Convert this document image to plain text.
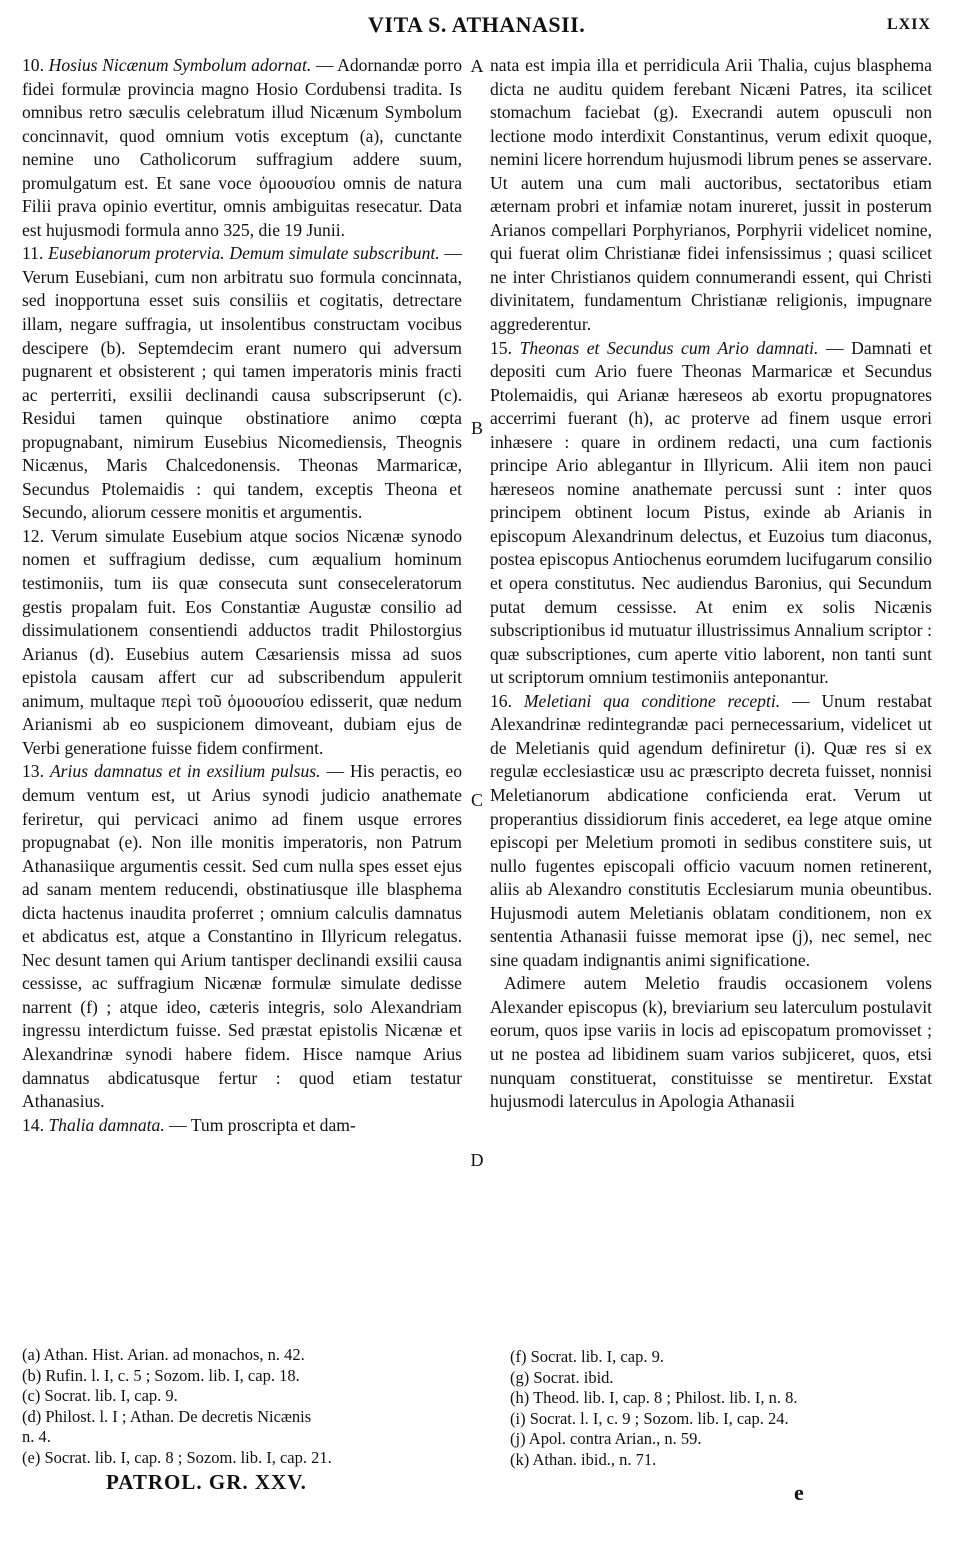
VITA S. ATHANASII.	LXIX

10. Hosius Nicænum Symbolum adornat. — Adornandæ porro fidei formulæ provincia magno Hosio Cordubensi tradita. Is omnibus retro sæculis celebratum illud Nicænum Symbolum concinnavit, quod omnium votis exceptum (a), cunctante nemine uno Catholicorum suffragium addere suum, promulgatum est. Et sane voce ὁμοουσίου omnis de natura Filii prava opinio evertitur, omnis ambiguitas resecatur. Data est hujusmodi formula anno 325, die 19 Junii.

11. Eusebianorum protervia. Demum simulate subscribunt. — Verum Eusebiani, cum non arbitratu suo formula concinnata, sed inopportuna esset suis consiliis et cogitatis, detrectare illam, negare suffragia, ut insolentibus constructam vocibus descipere (b). Septemdecim erant numero qui adversum pugnarent et obsisterent ; qui tamen imperatoris minis fracti ac perterriti, exsilii declinandi causa subscripserunt (c). Residui tamen quinque obstinatiore animo cœpta propugnabant, nimirum Eusebius Nicomediensis, Theognis Nicænus, Maris Chalcedonensis. Theonas Marmaricæ, Secundus Ptolemaidis : qui tandem, exceptis Theona et Secundo, aliorum cessere monitis et argumentis.

12. Verum simulate Eusebium atque socios Nicænæ synodo nomen et suffragium dedisse, cum æqualium hominum testimoniis, tum iis quæ consecuta sunt conseceleratorum gestis propalam fuit. Eos Constantiæ Augustæ consilio ad dissimulationem consentiendi adductos tradit Philostorgius Arianus (d). Eusebius autem Cæsariensis missa ad suos epistola causam affert cur ad subscribendum appulerit animum, multaque περὶ τοῦ ὁμοουσίου edisserit, quæ nedum Arianismi ab eo suspicionem dimoveant, dubiam ejus de Verbi generatione fuisse fidem confirment.

13. Arius damnatus et in exsilium pulsus. — His peractis, eo demum ventum est, ut Arius synodi judicio anathemate feriretur, qui pervicaci animo ad finem usque errores propugnabat (e). Non ille monitis imperatoris, non Patrum Athanasiique argumentis cessit. Sed cum nulla spes esset ejus ad sanam mentem reducendi, obstinatiusque ille blasphema dicta hactenus inaudita proferret ; omnium calculis damnatus et abdicatus est, atque a Constantino in Illyricum relegatus. Nec desunt tamen qui Arium tantisper declinandi exsilii causa cessisse, ac suffragium Nicænæ formulæ simulate dedisse narrent (f) ; atque ideo, cæteris integris, solo Alexandriam ingressu interdictum fuisse. Sed præstat epistolis Nicænæ et Alexandrinæ synodi habere fidem. Hisce namque Arius damnatus abdicatusque fertur : quod etiam testatur Athanasius.

14. Thalia damnata. — Tum proscripta et dam-

A
B
C
D

nata est impia illa et perridicula Arii Thalia, cujus blasphema dicta ne auditu quidem ferebant Nicæni Patres, ita scilicet stomachum faciebat (g). Execrandi autem opusculi non lectione modo interdixit Constantinus, verum edixit quoque, nemini licere horrendum hujusmodi librum penes se asservare. Ut autem una cum mali auctoribus, sectatoribus etiam æternam probri et infamiæ notam inureret, jussit in posterum Arianos compellari Porphyrianos, Porphyrii videlicet nomine, qui fuerat olim Christianæ fidei infensissimus ; quasi scilicet ne inter Christianos quidem connumerandi essent, qui Christi divinitatem, fundamentum Christianæ religionis, impugnare aggrederentur.

15. Theonas et Secundus cum Ario damnati. — Damnati et depositi cum Ario fuere Theonas Marmaricæ et Secundus Ptolemaidis, qui Arianæ hæreseos ab exortu propugnatores accerrimi fuerant (h), ac proterve ad finem usque errori inhæsere : quare in ordinem redacti, una cum factionis principe Ario ablegantur in Illyricum. Alii item non pauci hæreseos nomine anathemate percussi sunt : inter quos principem obtinent locum Pistus, exinde ab Arianis in episcopum Alexandrinum delectus, et Euzoius tum diaconus, postea episcopus Antiochenus eorumdem lucifugarum consilio et opera constitutus. Nec audiendus Baronius, qui Secundum putat demum cessisse. At enim ex solis Nicænis subscriptionibus id mutuatur illustrissimus Annalium scriptor : quæ subscriptiones, cum aperte vitio laborent, non tanti sunt ut scriptorum omnium testimoniis anteponantur.

16. Meletiani qua conditione recepti. — Unum restabat Alexandrinæ redintegrandæ paci pernecessarium, videlicet ut de Meletianis quid agendum definiretur (i). Quæ res si ex regulæ ecclesiasticæ usu ac præscripto decreta fuisset, nonnisi Meletianorum abdicatione conficienda erat. Verum ut properantius dissidiorum finis accederet, ea lege atque omine episcopi per Meletium promoti in sedibus constitere suis, ut nullo fugentes episcopali officio vacuum nomen retinerent, aliis ab Alexandro constitutis Ecclesiarum munia obeuntibus. Hujusmodi autem Meletianis oblatam conditionem, non ex sententia Athanasii fuisse memorat ipse (j), nec semel, nec sine quadam indignantis animi significatione.

Adimere autem Meletio fraudis occasionem volens Alexander episcopus (k), breviarium seu laterculum postulavit eorum, quos ipse variis in locis ad episcopatum promovisset ; ut ne postea ad libidinem suam varios subjiceret, quos, etsi nunquam constituerat, constituisse se mentiretur. Exstat hujusmodi laterculus in Apologia Athanasii

(a) Athan. Hist. Arian. ad monachos, n. 42.
(b) Rufin. l. I, c. 5 ; Sozom. lib. I, cap. 18.
(c) Socrat. lib. I, cap. 9.
(d) Philost. l. I ; Athan. De decretis Nicænis
n. 4.
(e) Socrat. lib. I, cap. 8 ; Sozom. lib. I, cap. 21.
(f) Socrat. lib. I, cap. 9.
(g) Socrat. ibid.
(h) Theod. lib. I, cap. 8 ; Philost. lib. I, n. 8.
(i) Socrat. l. I, c. 9 ; Sozom. lib. I, cap. 24.
(j) Apol. contra Arian., n. 59.
(k) Athan. ibid., n. 71.
PATROL. GR. XXV.	e
